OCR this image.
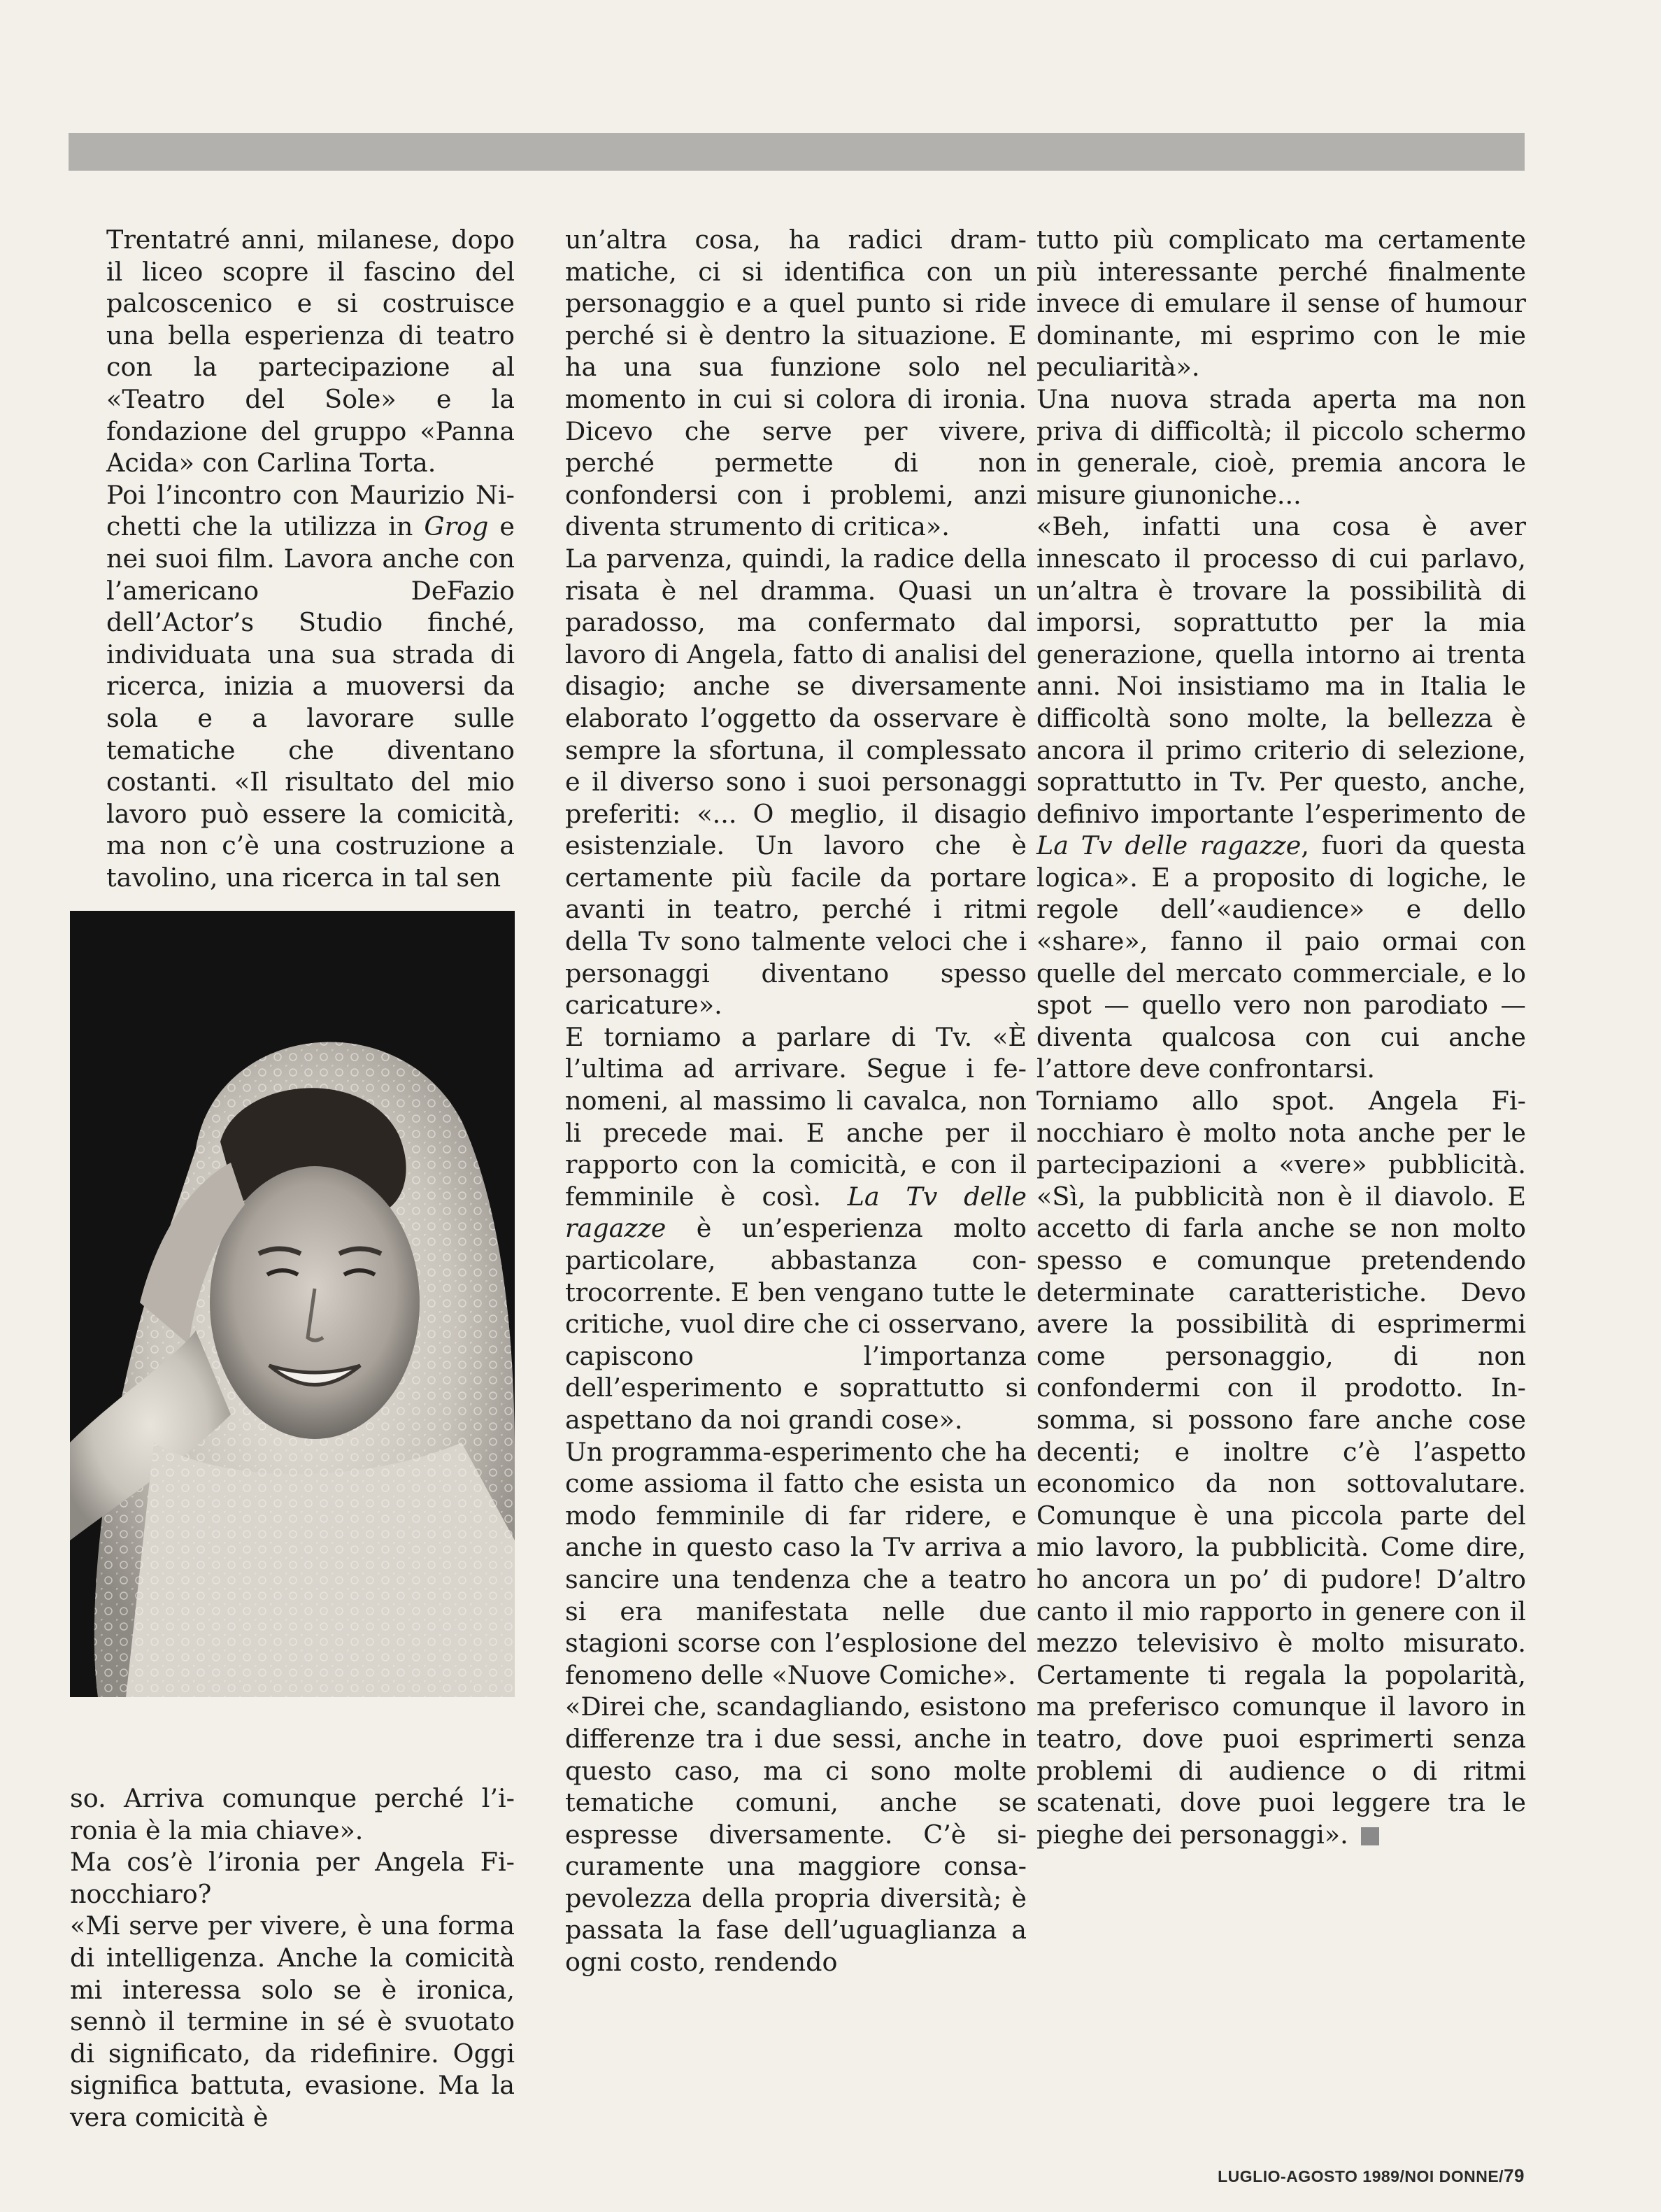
Trentatré anni, milanese, dopo il liceo scopre il fascino del palcoscenico e si costruisce una bella esperienza di teatro con la partecipazione al «Teatro del Sole» e la fondazione del gruppo «Panna Acida» con Carlina Torta.

Poi l’incontro con Maurizio Nichetti che la utilizza in Grog e nei suoi film. Lavora anche con l’americano DeFazio dell’Actor’s Studio finché, individuata una sua strada di ricerca, inizia a muoversi da sola e a lavorare sulle tematiche che diventano costanti. «Il risultato del mio lavoro può essere la comicità, ma non c’è una costruzione a tavolino, una ricerca in tal sen

so. Arriva comunque perché l’ironia è la mia chiave».

Ma cos’è l’ironia per Angela Finocchiaro?

«Mi serve per vivere, è una forma di intelligenza. Anche la comicità mi interessa solo se è ironica, sennò il termine in sé è svuotato di significato, da ridefinire. Oggi significa battuta, evasione. Ma la vera comicità è

un’altra cosa, ha radici drammatiche, ci si identifica con un personaggio e a quel punto si ride perché si è dentro la situazione. E ha una sua funzione solo nel momento in cui si colora di ironia. Dicevo che serve per vivere, perché permette di non confondersi con i problemi, anzi diventa strumento di critica».

La parvenza, quindi, la radice della risata è nel dramma. Quasi un paradosso, ma confermato dal lavoro di Angela, fatto di analisi del disagio; anche se diversamente elaborato l’oggetto da osservare è sempre la sfortuna, il complessato e il diverso sono i suoi personaggi preferiti: «... O meglio, il disagio esistenziale. Un lavoro che è certamente più facile da portare avanti in teatro, perché i ritmi della Tv sono talmente veloci che i personaggi diventano spesso caricature».

E torniamo a parlare di Tv. «È l’ultima ad arrivare. Segue i fenomeni, al massimo li cavalca, non li precede mai. E anche per il rapporto con la comicità, e con il femminile è così. La Tv delle ragazze è un’esperienza molto particolare, abbastanza controcorrente. E ben vengano tutte le critiche, vuol dire che ci osservano, capiscono l’importanza dell’esperimento e soprattutto si aspettano da noi grandi cose».

Un programma-esperimento che ha come assioma il fatto che esista un modo femminile di far ridere, e anche in questo caso la Tv arriva a sancire una tendenza che a teatro si era manifestata nelle due stagioni scorse con l’esplosione del fenomeno delle «Nuove Comiche».

«Direi che, scandagliando, esistono differenze tra i due sessi, anche in questo caso, ma ci sono molte tematiche comuni, anche se espresse diversamente. C’è sicuramente una maggiore consapevolezza della propria diversità; è passata la fase dell’uguaglianza a ogni costo, rendendo

tutto più complicato ma certamente più interessante perché finalmente invece di emulare il sense of humour dominante, mi esprimo con le mie peculiarità».

Una nuova strada aperta ma non priva di difficoltà; il piccolo schermo in generale, cioè, premia ancora le misure giunoniche...

«Beh, infatti una cosa è aver innescato il processo di cui parlavo, un’altra è trovare la possibilità di imporsi, soprattutto per la mia generazione, quella intorno ai trenta anni. Noi insistiamo ma in Italia le difficoltà sono molte, la bellezza è ancora il primo criterio di selezione, soprattutto in Tv. Per questo, anche, definivo importante l’esperimento de La Tv delle ragazze, fuori da questa logica». E a proposito di logiche, le regole dell’«audience» e dello «share», fanno il paio ormai con quelle del mercato commerciale, e lo spot — quello vero non parodiato — diventa qualcosa con cui anche l’attore deve confrontarsi.

Torniamo allo spot. Angela Finocchiaro è molto nota anche per le partecipazioni a «vere» pubblicità. «Sì, la pubblicità non è il diavolo. E accetto di farla anche se non molto spesso e comunque pretendendo determinate caratteristiche. Devo avere la possibilità di esprimermi come personaggio, di non confondermi con il prodotto. Insomma, si possono fare anche cose decenti; e inoltre c’è l’aspetto economico da non sottovalutare. Comunque è una piccola parte del mio lavoro, la pubblicità. Come dire, ho ancora un po’ di pudore! D’altro canto il mio rapporto in genere con il mezzo televisivo è molto misurato. Certamente ti regala la popolarità, ma preferisco comunque il lavoro in teatro, dove puoi esprimerti senza problemi di audience o di ritmi scatenati, dove puoi leggere tra le pieghe dei personaggi».

LUGLIO-AGOSTO 1989/NOI DONNE/79
